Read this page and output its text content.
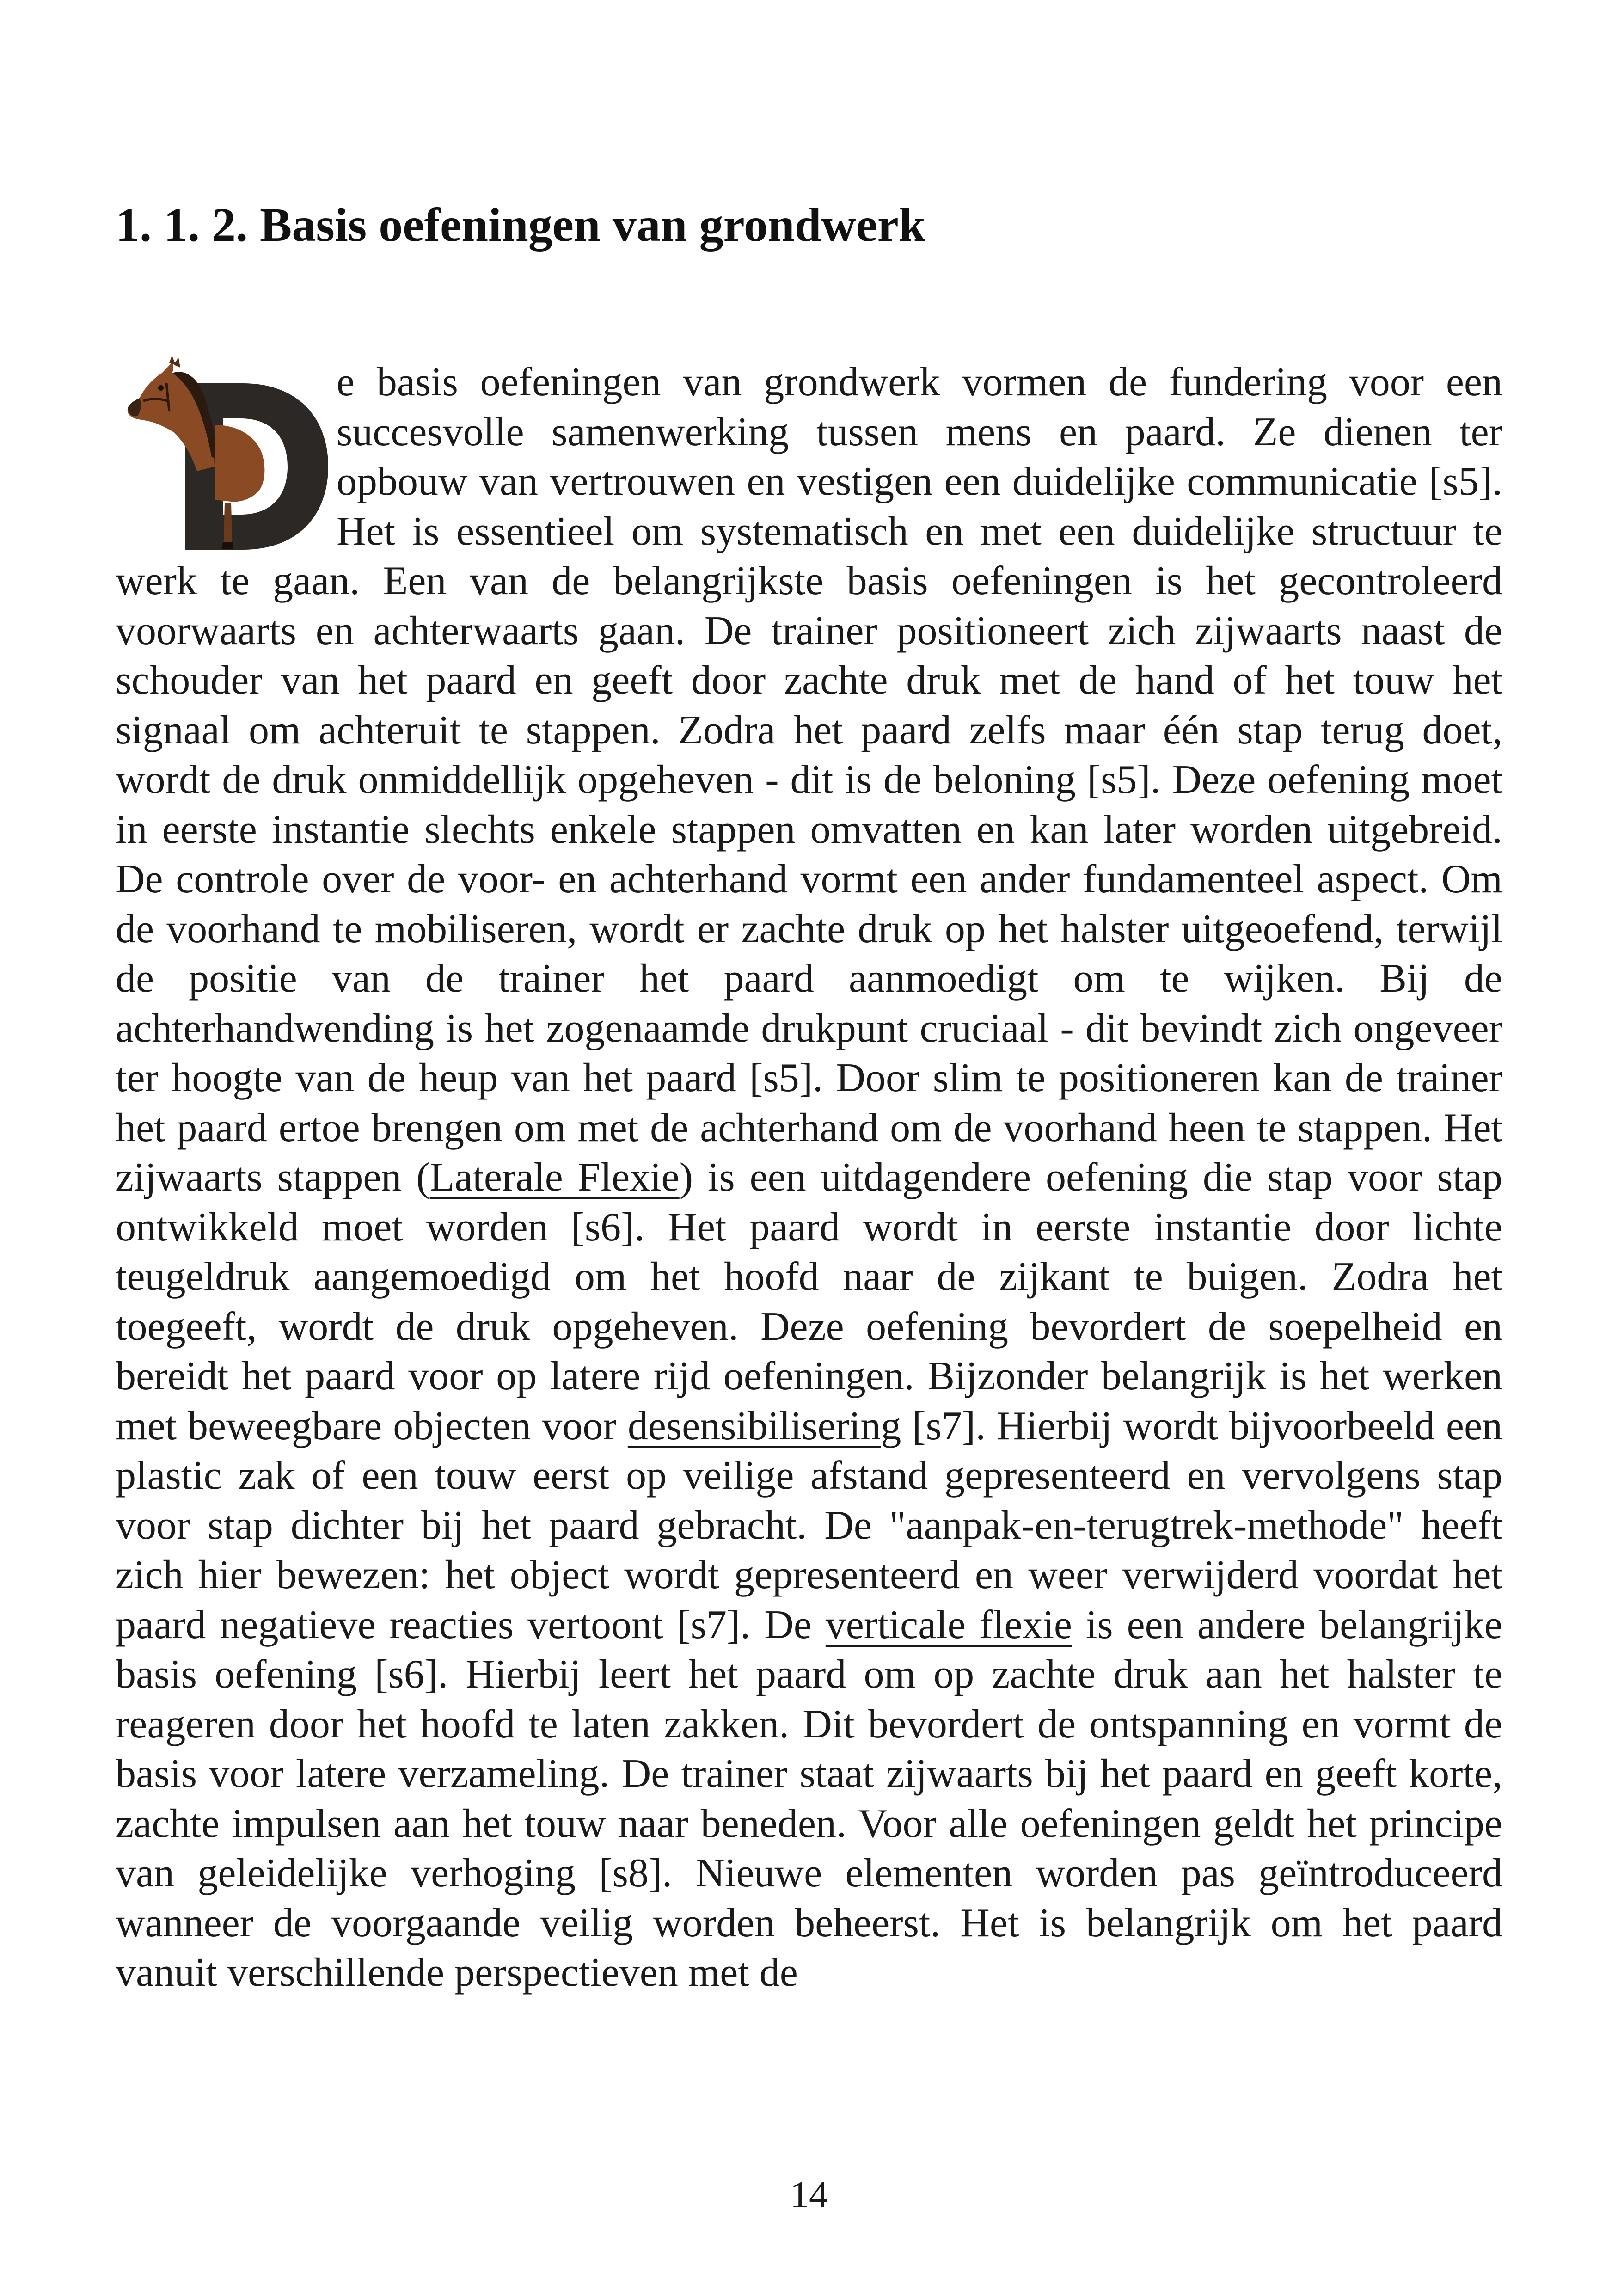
1. 1. 2. Basis oefeningen van grondwerk

e basis oefeningen van grondwerk vormen de fundering voor een succesvolle samenwerking tussen mens en paard. Ze dienen ter opbouw van vertrouwen en vestigen een duidelijke communicatie [s5]. Het is essentieel om systematisch en met een duidelijke structuur te werk te gaan. Een van de belangrijkste basis oefeningen is het gecontroleerd voorwaarts en achterwaarts gaan. De trainer positioneert zich zijwaarts naast de schouder van het paard en geeft door zachte druk met de hand of het touw het signaal om achteruit te stappen. Zodra het paard zelfs maar één stap terug doet, wordt de druk onmiddellijk opgeheven - dit is de beloning [s5]. Deze oefening moet in eerste instantie slechts enkele stappen omvatten en kan later worden uitgebreid. De controle over de voor- en achterhand vormt een ander fundamenteel aspect. Om de voorhand te mobiliseren, wordt er zachte druk op het halster uitgeoefend, terwijl de positie van de trainer het paard aanmoedigt om te wijken. Bij de achterhandwending is het zogenaamde drukpunt cruciaal - dit bevindt zich ongeveer ter hoogte van de heup van het paard [s5]. Door slim te positioneren kan de trainer het paard ertoe brengen om met de achterhand om de voorhand heen te stappen. Het zijwaarts stappen (Laterale Flexie) is een uitdagendere oefening die stap voor stap ontwikkeld moet worden [s6]. Het paard wordt in eerste instantie door lichte teugeldruk aangemoedigd om het hoofd naar de zijkant te buigen. Zodra het toegeeft, wordt de druk opgeheven. Deze oefening bevordert de soepelheid en bereidt het paard voor op latere rijd oefeningen. Bijzonder belangrijk is het werken met beweegbare objecten voor desensibilisering [s7]. Hierbij wordt bijvoorbeeld een plastic zak of een touw eerst op veilige afstand gepresenteerd en vervolgens stap voor stap dichter bij het paard gebracht. De "aanpak-en-terugtrek-methode" heeft zich hier bewezen: het object wordt gepresenteerd en weer verwijderd voordat het paard negatieve reacties vertoont [s7]. De verticale flexie is een andere belangrijke basis oefening [s6]. Hierbij leert het paard om op zachte druk aan het halster te reageren door het hoofd te laten zakken. Dit bevordert de ontspanning en vormt de basis voor latere verzameling. De trainer staat zijwaarts bij het paard en geeft korte, zachte impulsen aan het touw naar beneden. Voor alle oefeningen geldt het principe van geleidelijke verhoging [s8]. Nieuwe elementen worden pas geïntroduceerd wanneer de voorgaande veilig worden beheerst. Het is belangrijk om het paard vanuit verschillende perspectieven met de

14
